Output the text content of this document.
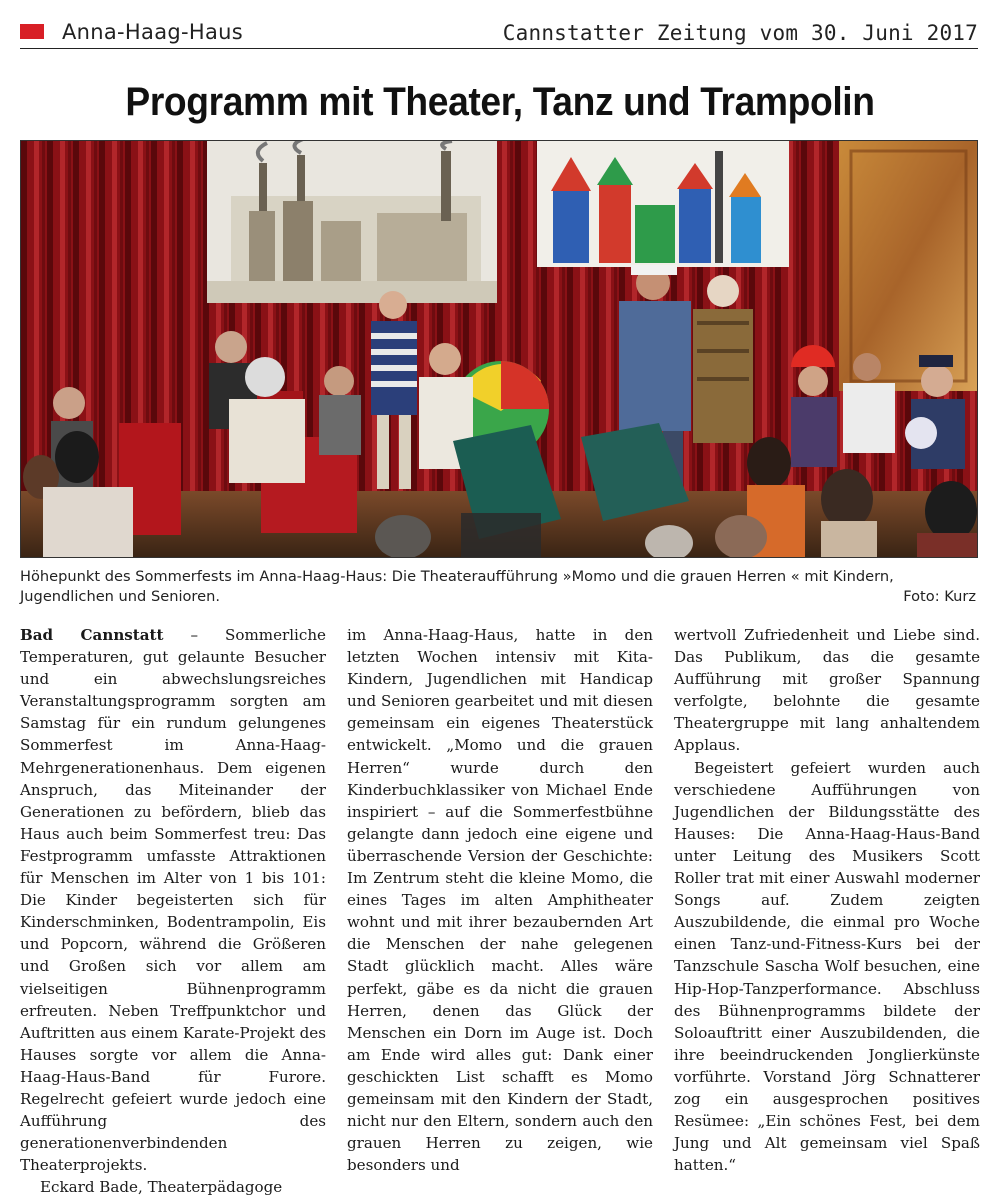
Anna-Haag-Haus	Cannstatter Zeitung vom 30. Juni 2017
Programm mit Theater, Tanz und Trampolin
Höhepunkt des Sommerfests im Anna-Haag-Haus: Die Theateraufführung »Momo und die grauen Herren « mit Kindern, Jugendlichen und Senioren.	Foto: Kurz

Bad Cannstatt – Sommerliche Temperaturen, gut gelaunte Besucher und ein abwechslungsreiches Veranstaltungsprogramm sorgten am Samstag für ein rundum gelungenes Sommerfest im Anna-Haag-Mehrgenerationenhaus. Dem eigenen Anspruch, das Miteinander der Generationen zu befördern, blieb das Haus auch beim Sommerfest treu: Das Festprogramm umfasste Attraktionen für Menschen im Alter von 1 bis 101: Die Kinder begeisterten sich für Kinderschminken, Bodentrampolin, Eis und Popcorn, während die Größeren und Großen sich vor allem am vielseitigen Bühnenprogramm erfreuten. Neben Treffpunktchor und Auftritten aus einem Karate-Projekt des Hauses sorgte vor allem die Anna-Haag-Haus-Band für Furore. Regelrecht gefeiert wurde jedoch eine Aufführung des generationenverbindenden Theaterprojekts.

Eckard Bade, Theaterpädagoge

im Anna-Haag-Haus, hatte in den letzten Wochen intensiv mit Kita-Kindern, Jugendlichen mit Handicap und Senioren gearbeitet und mit diesen gemeinsam ein eigenes Theaterstück entwickelt. „Momo und die grauen Herren“ wurde durch den Kinderbuchklassiker von Michael Ende inspiriert – auf die Sommerfestbühne gelangte dann jedoch eine eigene und überraschende Version der Geschichte: Im Zentrum steht die kleine Momo, die eines Tages im alten Amphitheater wohnt und mit ihrer bezaubernden Art die Menschen der nahe gelegenen Stadt glücklich macht. Alles wäre perfekt, gäbe es da nicht die grauen Herren, denen das Glück der Menschen ein Dorn im Auge ist. Doch am Ende wird alles gut: Dank einer geschickten List schafft es Momo gemeinsam mit den Kindern der Stadt, nicht nur den Eltern, sondern auch den grauen Herren zu zeigen, wie besonders und

wertvoll Zufriedenheit und Liebe sind. Das Publikum, das die gesamte Aufführung mit großer Spannung verfolgte, belohnte die gesamte Theatergruppe mit lang anhaltendem Applaus.

Begeistert gefeiert wurden auch verschiedene Aufführungen von Jugendlichen der Bildungsstätte des Hauses: Die Anna-Haag-Haus-Band unter Leitung des Musikers Scott Roller trat mit einer Auswahl moderner Songs auf. Zudem zeigten Auszubildende, die einmal pro Woche einen Tanz-und-Fitness-Kurs bei der Tanzschule Sascha Wolf besuchen, eine Hip-Hop-Tanzperformance. Abschluss des Bühnenprogramms bildete der Soloauftritt einer Auszubildenden, die ihre beeindruckenden Jonglierkünste vorführte. Vorstand Jörg Schnatterer zog ein ausgesprochen positives Resümee: „Ein schönes Fest, bei dem Jung und Alt gemeinsam viel Spaß hatten.“
